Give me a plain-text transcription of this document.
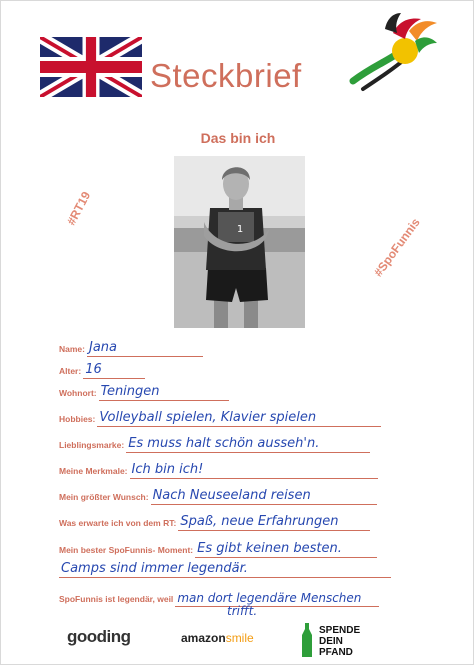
Steckbrief
Das bin ich
1
#RT19
#SpoFunnis
Name: Jana
Alter: 16
Wohnort: Teningen
Hobbies: Volleyball spielen, Klavier spielen
Lieblingsmarke: Es muss halt schön ausseh'n.
Meine Merkmale: Ich bin ich!
Mein größter Wunsch: Nach Neuseeland reisen
Was erwarte ich von dem RT: Spaß, neue Erfahrungen
Mein bester SpoFunnis- Moment: Es gibt keinen besten.
Camps sind immer legendär.
SpoFunnis ist legendär, weil man dort legendäre Menschen
trifft.
gooding	amazonsmile
SPENDE
DEIN
PFAND
